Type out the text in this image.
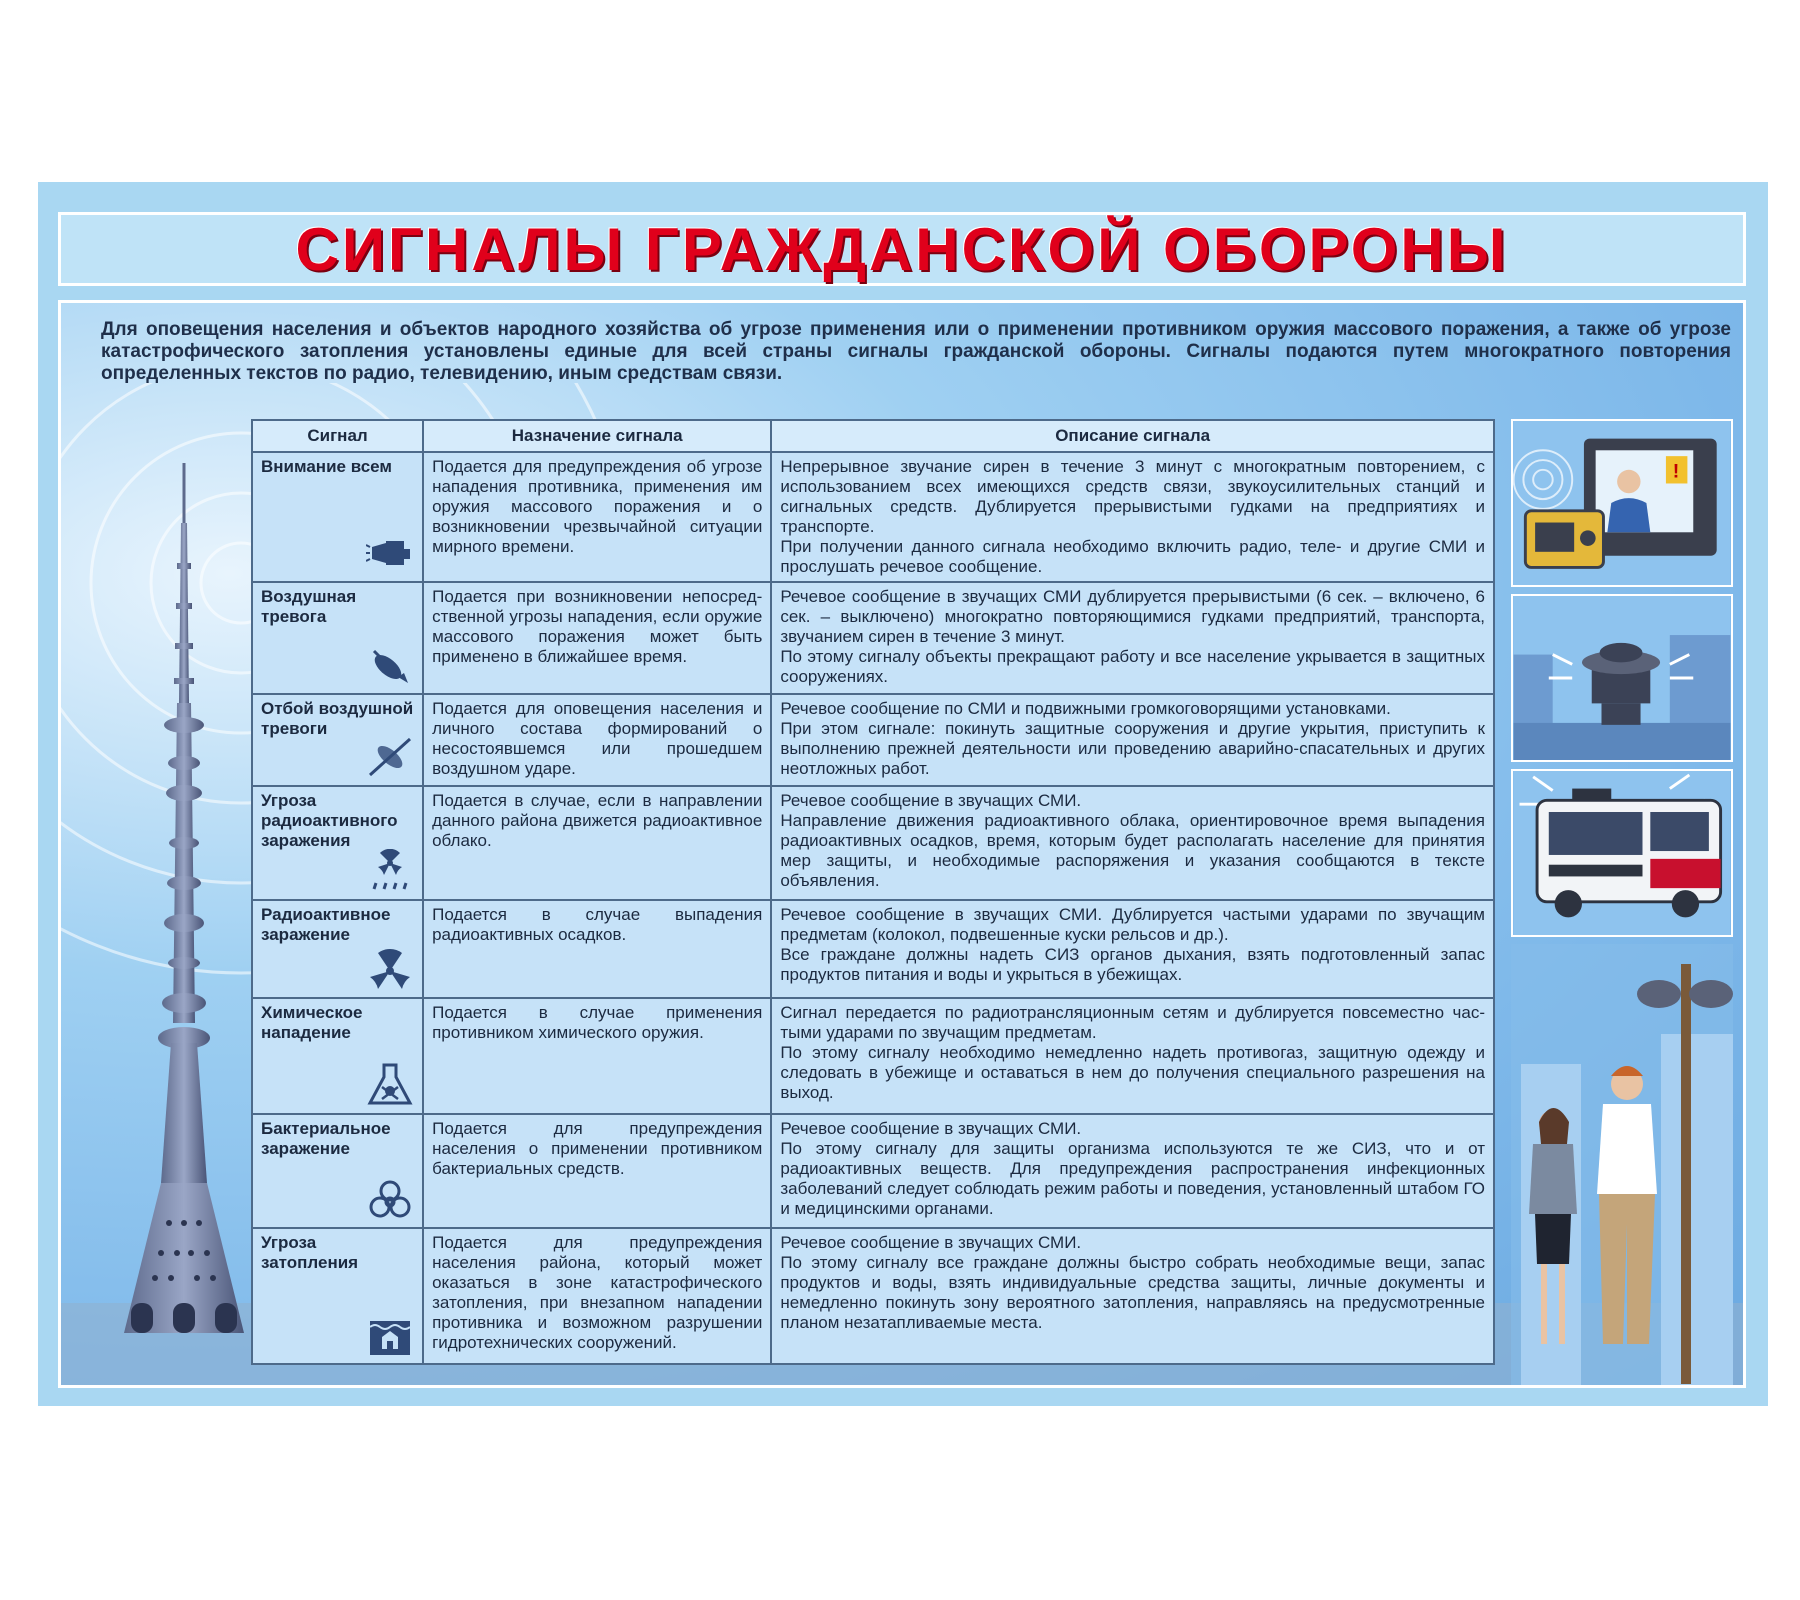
СИГНАЛЫ ГРАЖДАНСКОЙ ОБОРОНЫ

Для оповещения населения и объектов народного хозяйства об угрозе применения или о применении противником оружия массового поражения, а также об угрозе катастрофического затопления установлены единые для всей страны сигналы гражданской обороны. Сигналы подаются путем многократного повторения определенных текстов по радио, телевидению, иным средствам связи.

Сигнал	Назначение сигнала	Описание сигнала

Внимание всем	Подается для предупреждения об угрозе нападения противника, применения им оружия массового поражения и о возникновении чрезвычайной ситуации мирного времени.	Непрерывное звучание сирен в течение 3 минут с многократным повторением, с использованием всех имеющихся средств связи, звукоусилительных станций и сигнальных средств. Дублируется прерывистыми гудками на предприятиях и транспорте.
При получении данного сигнала необходимо включить радио, теле- и другие СМИ и прослушать речевое сообщение.

Воздушная тревога	Подается при возникновении непосред-ственной угрозы нападения, если оружие массового поражения может быть применено в ближайшее время.	Речевое сообщение в звучащих СМИ дублируется прерывистыми (6 сек. – включено, 6 сек. – выключено) многократно повторяющимися гудками предприятий, транспорта, звучанием сирен в течение 3 минут.
По этому сигналу объекты прекращают работу и все население укрывается в защитных сооружениях.

Отбой воздушной тревоги	Подается для оповещения населения и личного состава формирований о несостоявшемся или прошедшем воздушном ударе.	Речевое сообщение по СМИ и подвижными громкоговорящими установками.
При этом сигнале: покинуть защитные сооружения и другие укрытия, приступить к выполнению прежней деятельности или проведению аварийно-спасательных и других неотложных работ.

Угроза радиоактивного заражения	Подается в случае, если в направлении данного района движется радиоактивное облако.	Речевое сообщение в звучащих СМИ.
Направление движения радиоактивного облака, ориентировочное время выпадения радиоактивных осадков, время, которым будет располагать население для принятия мер защиты, и необходимые распоряжения и указания сообщаются в тексте объявления.

Радиоактивное заражение	Подается в случае выпадения радиоактивных осадков.	Речевое сообщение в звучащих СМИ. Дублируется частыми ударами по звучащим предметам (колокол, подвешенные куски рельсов и др.).
Все граждане должны надеть СИЗ органов дыхания, взять подготовленный запас продуктов питания и воды и укрыться в убежищах.

Химическое нападение	Подается в случае применения противником химического оружия.	Сигнал передается по радиотрансляционным сетям и дублируется повсеместно час-тыми ударами по звучащим предметам.
По этому сигналу необходимо немедленно надеть противогаз, защитную одежду и следовать в убежище и оставаться в нем до получения специального разрешения на выход.

Бактериальное заражение	Подается для предупреждения населения о применении противником бактериальных средств.	Речевое сообщение в звучащих СМИ.
По этому сигналу для защиты организма используются те же СИЗ, что и от радиоактивных веществ. Для предупреждения распространения инфекционных заболеваний следует соблюдать режим работы и поведения, установленный штабом ГО и медицинскими органами.

Угроза затопления	Подается для предупреждения населения района, который может оказаться в зоне катастрофического затопления, при внезапном нападении противника и возможном разрушении гидротехнических сооружений.	Речевое сообщение в звучащих СМИ.
По этому сигналу все граждане должны быстро собрать необходимые вещи, запас продуктов и воды, взять индивидуальные средства защиты, личные документы и немедленно покинуть зону вероятного затопления, направляясь на предусмотренные планом незатапливаемые места.
!
